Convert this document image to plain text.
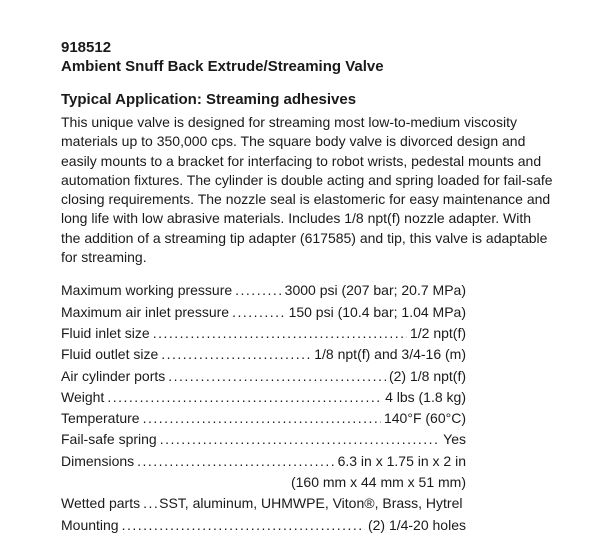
918512

Ambient Snuff Back Extrude/Streaming Valve

Typical Application: Streaming adhesives

This unique valve is designed for streaming most low-to-medium viscosity materials up to 350,000 cps. The square body valve is divorced design and easily mounts to a bracket for interfacing to robot wrists, pedestal mounts and automation fixtures. The cylinder is double acting and spring loaded for fail-safe closing requirements. The nozzle seal is elastomeric for easy maintenance and long life with low abrasive materials. Includes 1/8 npt(f) nozzle adapter. With the addition of a streaming tip adapter (617585) and tip, this valve is adaptable for streaming.

Maximum working pressure . . .	3000 psi (207 bar; 20.7 MPa)
Maximum air inlet pressure . . .	150 psi (10.4 bar; 1.04 MPa)
Fluid inlet size . . .	1/2 npt(f)
Fluid outlet size . . .	1/8 npt(f) and 3/4-16 (m)
Air cylinder ports . . .	(2) 1/8 npt(f)
Weight . . .	4 lbs (1.8 kg)
Temperature . . .	140°F (60°C)
Fail-safe spring . . .	Yes
Dimensions . . .	6.3 in x 1.75 in x 2 in
(160 mm x 44 mm x 51 mm)
Wetted parts . . . SST, aluminum, UHMWPE, Viton®, Brass, Hytrel
Mounting . . .	(2) 1/4-20 holes
